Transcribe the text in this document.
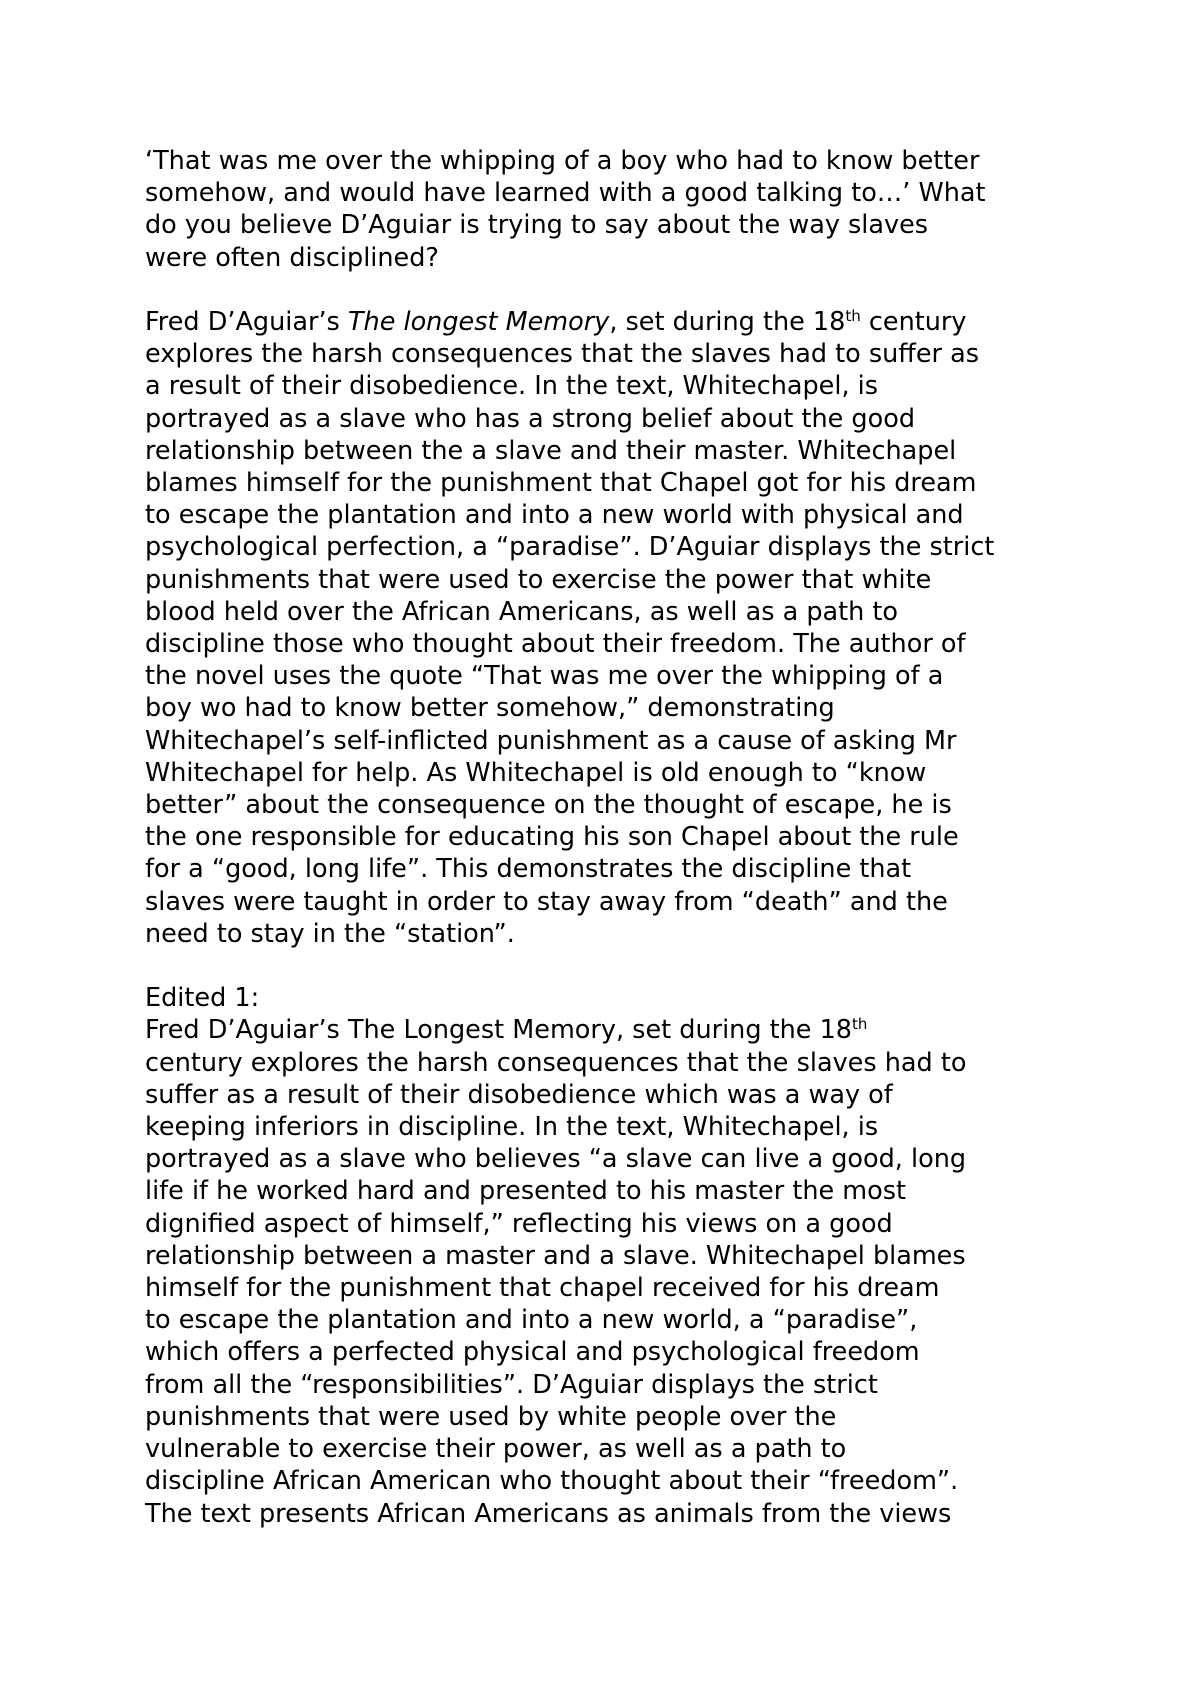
‘That was me over the whipping of a boy who had to know better
somehow, and would have learned with a good talking to…’ What
do you believe D’Aguiar is trying to say about the way slaves
were often disciplined?

Fred D’Aguiar’s The longest Memory, set during the 18th century
explores the harsh consequences that the slaves had to suffer as
a result of their disobedience. In the text, Whitechapel, is
portrayed as a slave who has a strong belief about the good
relationship between the a slave and their master. Whitechapel
blames himself for the punishment that Chapel got for his dream
to escape the plantation and into a new world with physical and
psychological perfection, a “paradise”. D’Aguiar displays the strict
punishments that were used to exercise the power that white
blood held over the African Americans, as well as a path to
discipline those who thought about their freedom. The author of
the novel uses the quote “That was me over the whipping of a
boy wo had to know better somehow,” demonstrating
Whitechapel’s self-inflicted punishment as a cause of asking Mr
Whitechapel for help. As Whitechapel is old enough to “know
better” about the consequence on the thought of escape, he is
the one responsible for educating his son Chapel about the rule
for a “good, long life”. This demonstrates the discipline that
slaves were taught in order to stay away from “death” and the
need to stay in the “station”.

Edited 1:
Fred D’Aguiar’s The Longest Memory, set during the 18th
century explores the harsh consequences that the slaves had to
suffer as a result of their disobedience which was a way of
keeping inferiors in discipline. In the text, Whitechapel, is
portrayed as a slave who believes “a slave can live a good, long
life if he worked hard and presented to his master the most
dignified aspect of himself,” reflecting his views on a good
relationship between a master and a slave. Whitechapel blames
himself for the punishment that chapel received for his dream
to escape the plantation and into a new world, a “paradise”,
which offers a perfected physical and psychological freedom
from all the “responsibilities”. D’Aguiar displays the strict
punishments that were used by white people over the
vulnerable to exercise their power, as well as a path to
discipline African American who thought about their “freedom”.
The text presents African Americans as animals from the views
